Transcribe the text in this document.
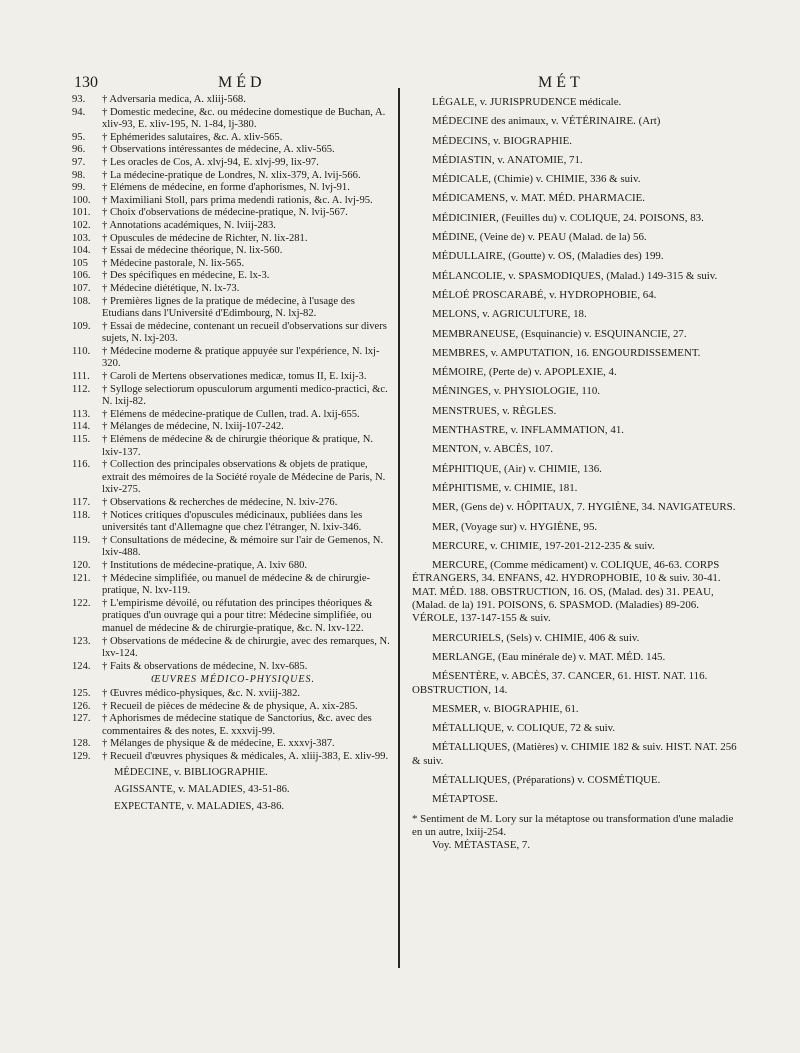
130	MÉD	MÉT
93.	† Adversaria medica, A. xliij-568.
94.	† Domestic medecine, &c. ou médecine domestique de Buchan, A. xliv-93, E. xliv-195, N. 1-84, lj-380.
95.	† Ephémerides salutaires, &c. A. xliv-565.
96.	† Observations intéressantes de médecine, A. xliv-565.
97.	† Les oracles de Cos, A. xlvj-94, E. xlvj-99, lix-97.
98.	† La médecine-pratique de Londres, N. xlix-379, A. lvij-566.
99.	† Elémens de médecine, en forme d'aphorismes, N. lvj-91.
100.	† Maximiliani Stoll, pars prima medendi rationis, &c. A. lvj-95.
101.	† Choix d'observations de médecine-pratique, N. lvij-567.
102.	† Annotations académiques, N. lviij-283.
103.	† Opuscules de médecine de Richter, N. lix-281.
104.	† Essai de médecine théorique, N. lix-560.
105	† Médecine pastorale, N. lix-565.
106.	† Des spécifiques en médecine, E. lx-3.
107.	† Médecine diététique, N. lx-73.
108.	† Premières lignes de la pratique de médecine, à l'usage des Etudians dans l'Université d'Edimbourg, N. lxj-82.
109.	† Essai de médecine, contenant un recueil d'observations sur divers sujets, N. lxj-203.
110.	† Médecine moderne & pratique appuyée sur l'expérience, N. lxj-320.
111.	† Caroli de Mertens observationes medicæ, tomus II, E. lxij-3.
112.	† Sylloge selectiorum opusculorum argumenti medico-practici, &c. N. lxij-82.
113.	† Elémens de médecine-pratique de Cullen, trad. A. lxij-655.
114.	† Mélanges de médecine, N. lxiij-107-242.
115.	† Elémens de médecine & de chirurgie théorique & pratique, N. lxiv-137.
116.	† Collection des principales observations & objets de pratique, extrait des mémoires de la Société royale de Médecine de Paris, N. lxiv-275.
117.	† Observations & recherches de médecine, N. lxiv-276.
118.	† Notices critiques d'opuscules médicinaux, publiées dans les universités tant d'Allemagne que chez l'étranger, N. lxiv-346.
119.	† Consultations de médecine, & mémoire sur l'air de Gemenos, N. lxiv-488.
120.	† Institutions de médecine-pratique, A. lxiv 680.
121.	† Médecine simplifiée, ou manuel de médecine & de chirurgie-pratique, N. lxv-119.
122.	† L'empirisme dévoilé, ou réfutation des principes théoriques & pratiques d'un ouvrage qui a pour titre: Médecine simplifiée, ou manuel de médecine & de chirurgie-pratique, &c. N. lxv-122.
123.	† Observations de médecine & de chirurgie, avec des remarques, N. lxv-124.
124.	† Faits & observations de médecine, N. lxv-685.
ŒUVRES MÉDICO-PHYSIQUES.
125.	† Œuvres médico-physiques, &c. N. xviij-382.
126.	† Recueil de pièces de médecine & de physique, A. xix-285.
127.	† Aphorismes de médecine statique de Sanctorius, &c. avec des commentaires & des notes, E. xxxvij-99.
128.	† Mélanges de physique & de médecine, E. xxxvj-387.
129.	† Recueil d'œuvres physiques & médicales, A. xliij-383, E. xliv-99.
MÉDECINE, v. BIBLIOGRAPHIE.
AGISSANTE, v. MALADIES, 43-51-86.
EXPECTANTE, v. MALADIES, 43-86.
LÉGALE, v. JURISPRUDENCE médicale.
MÉDECINE des animaux, v. VÉTÉRINAIRE. (Art)
MÉDECINS, v. BIOGRAPHIE.
MÉDIASTIN, v. ANATOMIE, 71.
MÉDICALE, (Chimie) v. CHIMIE, 336 & suiv.
MÉDICAMENS, v. MAT. MÉD. PHARMACIE.
MÉDICINIER, (Feuilles du) v. COLIQUE, 24. POISONS, 83.
MÉDINE, (Veine de) v. PEAU (Malad. de la) 56.
MÉDULLAIRE, (Goutte) v. OS, (Maladies des) 199.
MÉLANCOLIE, v. SPASMODIQUES, (Malad.) 149-315 & suiv.
MÉLOÉ PROSCARABÉ, v. HYDROPHOBIE, 64.
MELONS, v. AGRICULTURE, 18.
MEMBRANEUSE, (Esquinancie) v. ESQUINANCIE, 27.
MEMBRES, v. AMPUTATION, 16. ENGOURDISSEMENT.
MÉMOIRE, (Perte de) v. APOPLEXIE, 4.
MÉNINGES, v. PHYSIOLOGIE, 110.
MENSTRUES, v. RÈGLES.
MENTHASTRE, v. INFLAMMATION, 41.
MENTON, v. ABCÈS, 107.
MÉPHITIQUE, (Air) v. CHIMIE, 136.
MÉPHITISME, v. CHIMIE, 181.
MER, (Gens de) v. HÔPITAUX, 7. HYGIÈNE, 34. NAVIGATEURS.
MER, (Voyage sur) v. HYGIÈNE, 95.
MERCURE, v. CHIMIE, 197-201-212-235 & suiv.
MERCURE, (Comme médicament) v. COLIQUE, 46-63. CORPS ÉTRANGERS, 34. ENFANS, 42. HYDROPHOBIE, 10 & suiv. 30-41. MAT. MÉD. 188. OBSTRUCTION, 16. OS, (Malad. des) 31. PEAU, (Malad. de la) 191. POISONS, 6. SPASMOD. (Maladies) 89-206. VÉROLE, 137-147-155 & suiv.
MERCURIELS, (Sels) v. CHIMIE, 406 & suiv.
MERLANGE, (Eau minérale de) v. MAT. MÉD. 145.
MÉSENTÈRE, v. ABCÈS, 37. CANCER, 61. HIST. NAT. 116. OBSTRUCTION, 14.
MESMER, v. BIOGRAPHIE, 61.
MÉTALLIQUE, v. COLIQUE, 72 & suiv.
MÉTALLIQUES, (Matières) v. CHIMIE 182 & suiv. HIST. NAT. 256 & suiv.
MÉTALLIQUES, (Préparations) v. COSMÉTIQUE.
MÉTAPTOSE.
* Sentiment de M. Lory sur la métaptose ou transformation d'une maladie en un autre, lxiij-254.
Voy. MÉTASTASE, 7.
